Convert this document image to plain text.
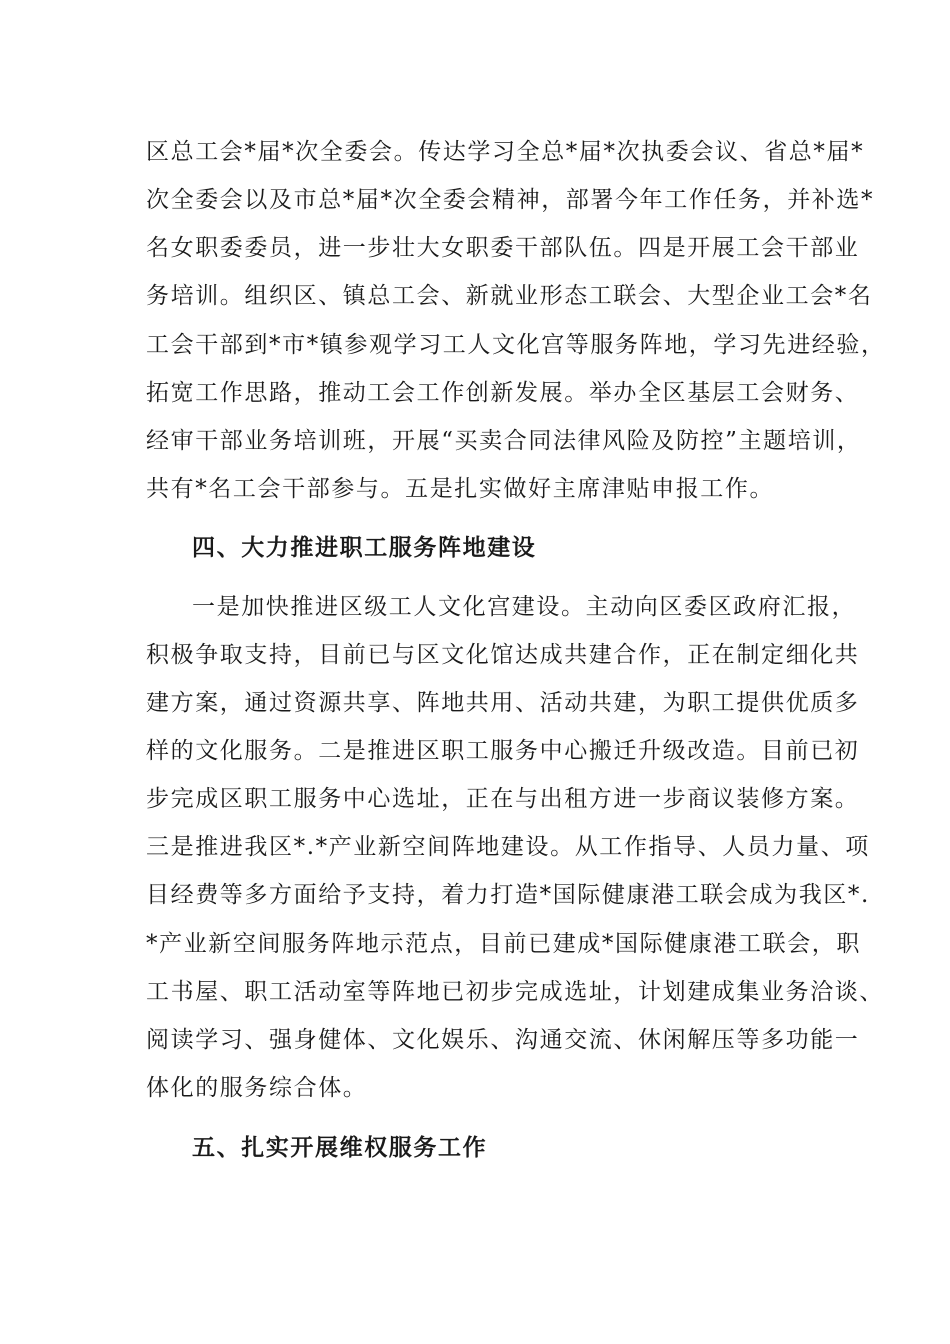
区总工会*届*次全委会。传达学习全总*届*次执委会议、省总*届*
次全委会以及市总*届*次全委会精神，部署今年工作任务，并补选*
名女职委委员，进一步壮大女职委干部队伍。四是开展工会干部业
务培训。组织区、镇总工会、新就业形态工联会、大型企业工会*名
工会干部到*市*镇参观学习工人文化宫等服务阵地，学习先进经验，
拓宽工作思路，推动工会工作创新发展。举办全区基层工会财务、
经审干部业务培训班，开展“买卖合同法律风险及防控”主题培训，
共有*名工会干部参与。五是扎实做好主席津贴申报工作。
四、大力推进职工服务阵地建设
一是加快推进区级工人文化宫建设。主动向区委区政府汇报，
积极争取支持，目前已与区文化馆达成共建合作，正在制定细化共
建方案，通过资源共享、阵地共用、活动共建，为职工提供优质多
样的文化服务。二是推进区职工服务中心搬迁升级改造。目前已初
步完成区职工服务中心选址，正在与出租方进一步商议装修方案。
三是推进我区*.*产业新空间阵地建设。从工作指导、人员力量、项
目经费等多方面给予支持，着力打造*国际健康港工联会成为我区*.
*产业新空间服务阵地示范点，目前已建成*国际健康港工联会，职
工书屋、职工活动室等阵地已初步完成选址，计划建成集业务洽谈、
阅读学习、强身健体、文化娱乐、沟通交流、休闲解压等多功能一
体化的服务综合体。
五、扎实开展维权服务工作
